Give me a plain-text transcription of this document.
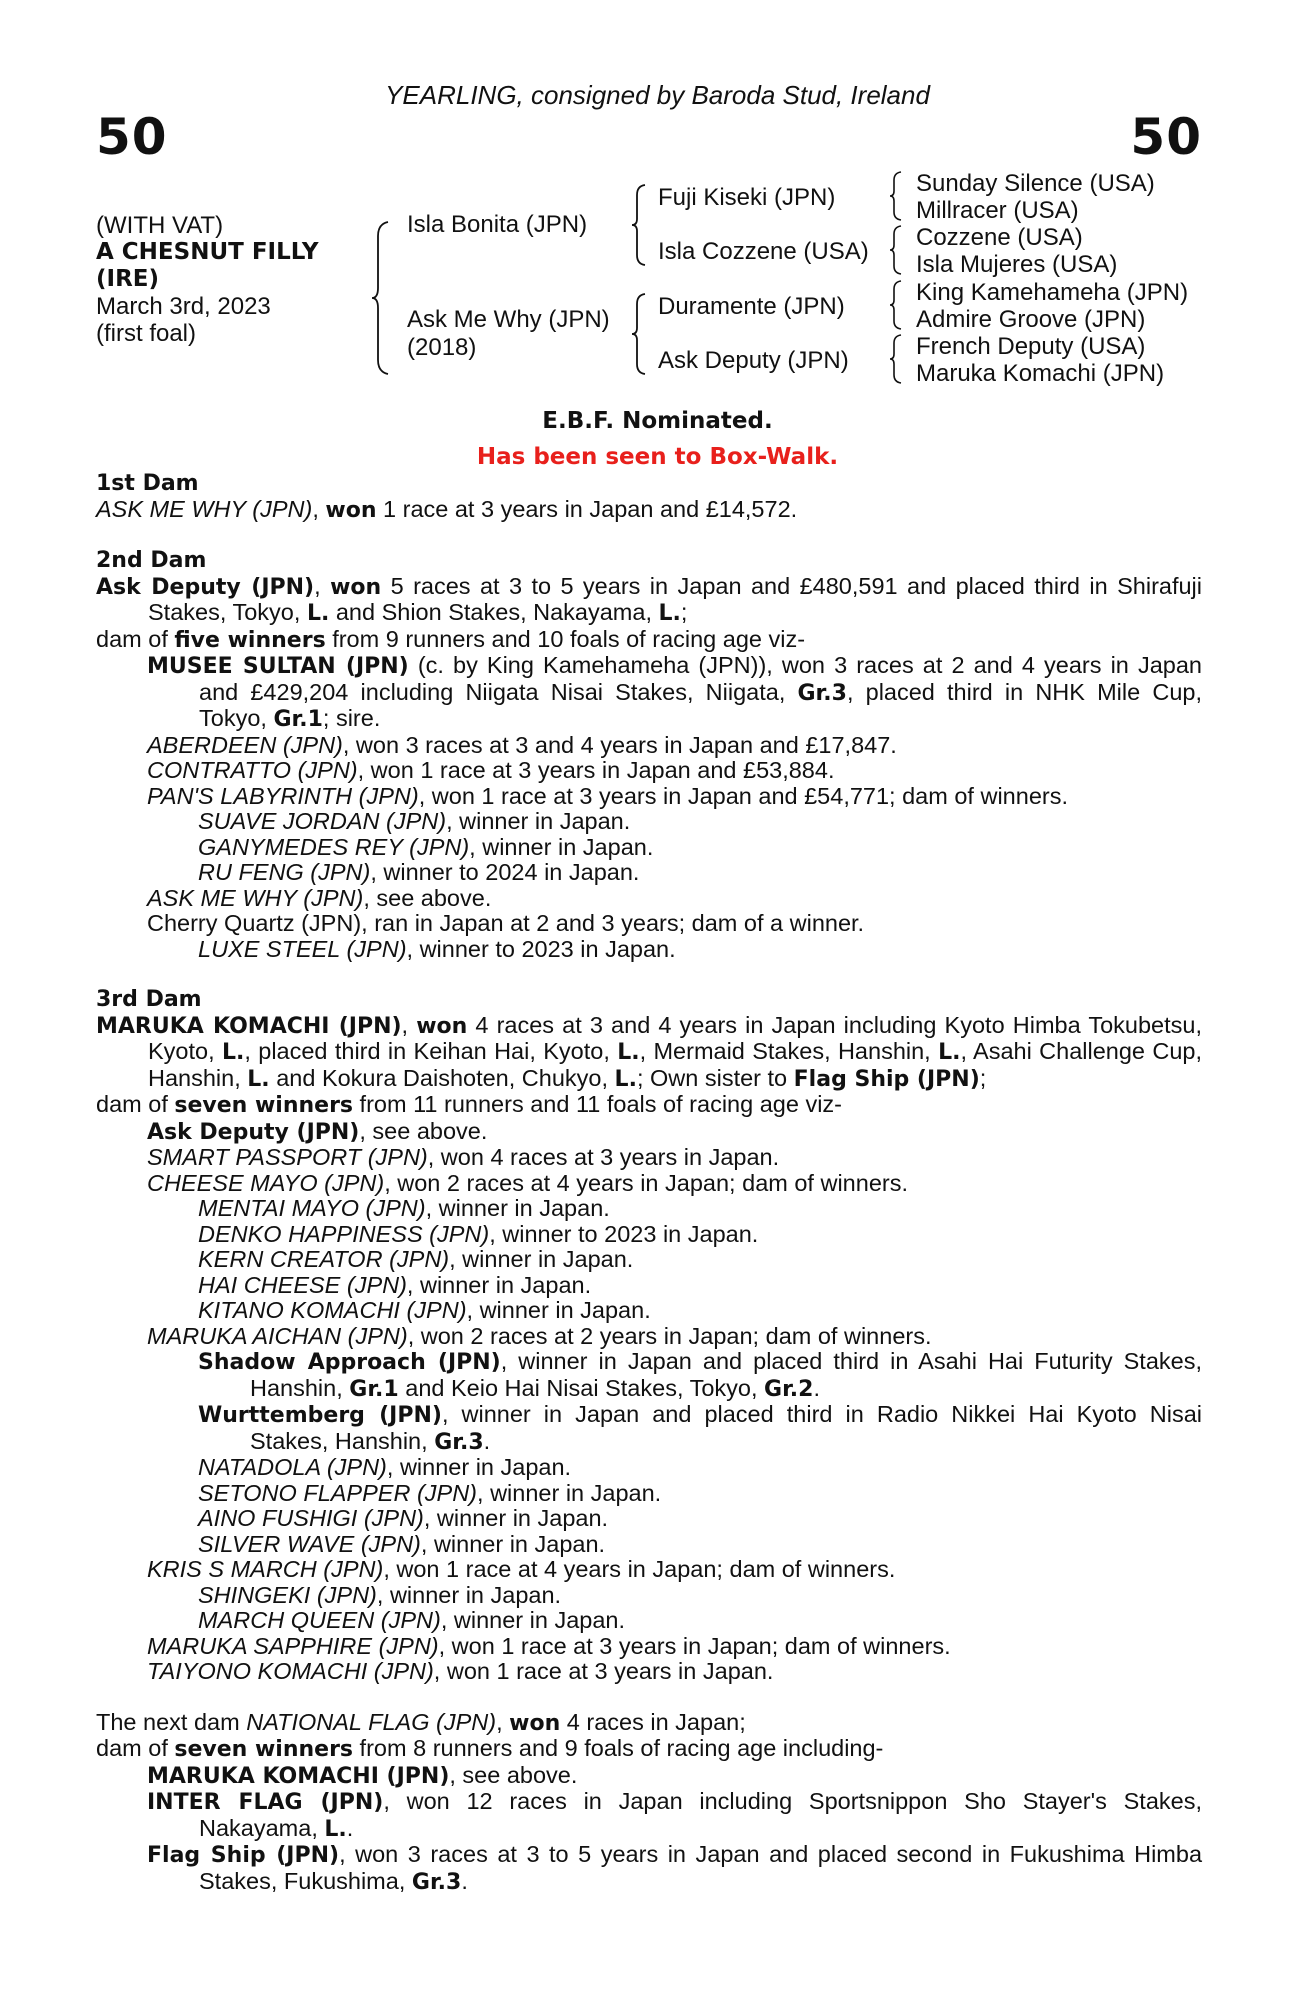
YEARLING, consigned by Baroda Stud, Ireland
50	50
(WITH VAT)
A CHESNUT FILLY
(IRE)
March 3rd, 2023
(first foal)
Isla Bonita (JPN)
Ask Me Why (JPN)
(2018)
Fuji Kiseki (JPN)
Isla Cozzene (USA)
Duramente (JPN)
Ask Deputy (JPN)
Sunday Silence (USA)
Millracer (USA)
Cozzene (USA)
Isla Mujeres (USA)
King Kamehameha (JPN)
Admire Groove (JPN)
French Deputy (USA)
Maruka Komachi (JPN)
E.B.F. Nominated.
Has been seen to Box-Walk.

1st Dam

ASK ME WHY (JPN), won 1 race at 3 years in Japan and £14,572.

2nd Dam

Ask Deputy (JPN), won 5 races at 3 to 5 years in Japan and £480,591 and placed third in Shirafuji Stakes, Tokyo, L. and Shion Stakes, Nakayama, L.;

dam of five winners from 9 runners and 10 foals of racing age viz-

MUSEE SULTAN (JPN) (c. by King Kamehameha (JPN)), won 3 races at 2 and 4 years in Japan and £429,204 including Niigata Nisai Stakes, Niigata, Gr.3, placed third in NHK Mile Cup, Tokyo, Gr.1; sire.

ABERDEEN (JPN), won 3 races at 3 and 4 years in Japan and £17,847.

CONTRATTO (JPN), won 1 race at 3 years in Japan and £53,884.

PAN'S LABYRINTH (JPN), won 1 race at 3 years in Japan and £54,771; dam of winners.

SUAVE JORDAN (JPN), winner in Japan.

GANYMEDES REY (JPN), winner in Japan.

RU FENG (JPN), winner to 2024 in Japan.

ASK ME WHY (JPN), see above.

Cherry Quartz (JPN), ran in Japan at 2 and 3 years; dam of a winner.

LUXE STEEL (JPN), winner to 2023 in Japan.

3rd Dam

MARUKA KOMACHI (JPN), won 4 races at 3 and 4 years in Japan including Kyoto Himba Tokubetsu, Kyoto, L., placed third in Keihan Hai, Kyoto, L., Mermaid Stakes, Hanshin, L., Asahi Challenge Cup, Hanshin, L. and Kokura Daishoten, Chukyo, L.; Own sister to Flag Ship (JPN);

dam of seven winners from 11 runners and 11 foals of racing age viz-

Ask Deputy (JPN), see above.

SMART PASSPORT (JPN), won 4 races at 3 years in Japan.

CHEESE MAYO (JPN), won 2 races at 4 years in Japan; dam of winners.

MENTAI MAYO (JPN), winner in Japan.

DENKO HAPPINESS (JPN), winner to 2023 in Japan.

KERN CREATOR (JPN), winner in Japan.

HAI CHEESE (JPN), winner in Japan.

KITANO KOMACHI (JPN), winner in Japan.

MARUKA AICHAN (JPN), won 2 races at 2 years in Japan; dam of winners.

Shadow Approach (JPN), winner in Japan and placed third in Asahi Hai Futurity Stakes, Hanshin, Gr.1 and Keio Hai Nisai Stakes, Tokyo, Gr.2.

Wurttemberg (JPN), winner in Japan and placed third in Radio Nikkei Hai Kyoto Nisai Stakes, Hanshin, Gr.3.

NATADOLA (JPN), winner in Japan.

SETONO FLAPPER (JPN), winner in Japan.

AINO FUSHIGI (JPN), winner in Japan.

SILVER WAVE (JPN), winner in Japan.

KRIS S MARCH (JPN), won 1 race at 4 years in Japan; dam of winners.

SHINGEKI (JPN), winner in Japan.

MARCH QUEEN (JPN), winner in Japan.

MARUKA SAPPHIRE (JPN), won 1 race at 3 years in Japan; dam of winners.

TAIYONO KOMACHI (JPN), won 1 race at 3 years in Japan.

The next dam NATIONAL FLAG (JPN), won 4 races in Japan;

dam of seven winners from 8 runners and 9 foals of racing age including-

MARUKA KOMACHI (JPN), see above.

INTER FLAG (JPN), won 12 races in Japan including Sportsnippon Sho Stayer's Stakes, Nakayama, L..

Flag Ship (JPN), won 3 races at 3 to 5 years in Japan and placed second in Fukushima Himba Stakes, Fukushima, Gr.3.
